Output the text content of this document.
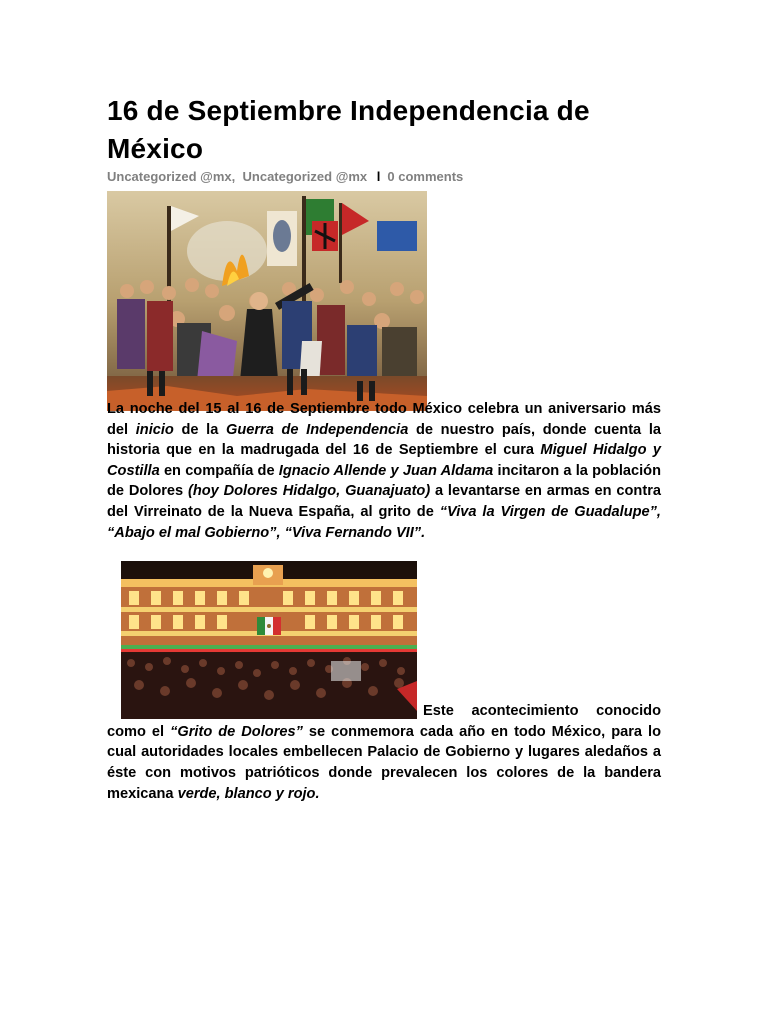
16 de Septiembre Independencia de México
Uncategorized @mx, Uncategorized @mx l 0 comments

La noche del 15 al 16 de Septiembre todo México celebra un aniversario más del inicio de la Guerra de Independencia de nuestro país, donde cuenta la historia que en la madrugada del 16 de Septiembre el cura Miguel Hidalgo y Costilla en compañía de Ignacio Allende y Juan Aldama incitaron a la población de Dolores (hoy Dolores Hidalgo, Guanajuato) a levantarse en armas en contra del Virreinato de la Nueva España, al grito de “Viva la Virgen de Guadalupe”, “Abajo el mal Gobierno”, “Viva Fernando VII”.

Este acontecimiento conocido como el “Grito de Dolores” se conmemora cada año en todo México, para lo cual autoridades locales embellecen Palacio de Gobierno y lugares aledaños a éste con motivos patrióticos donde prevalecen los colores de la bandera mexicana verde, blanco y rojo.
